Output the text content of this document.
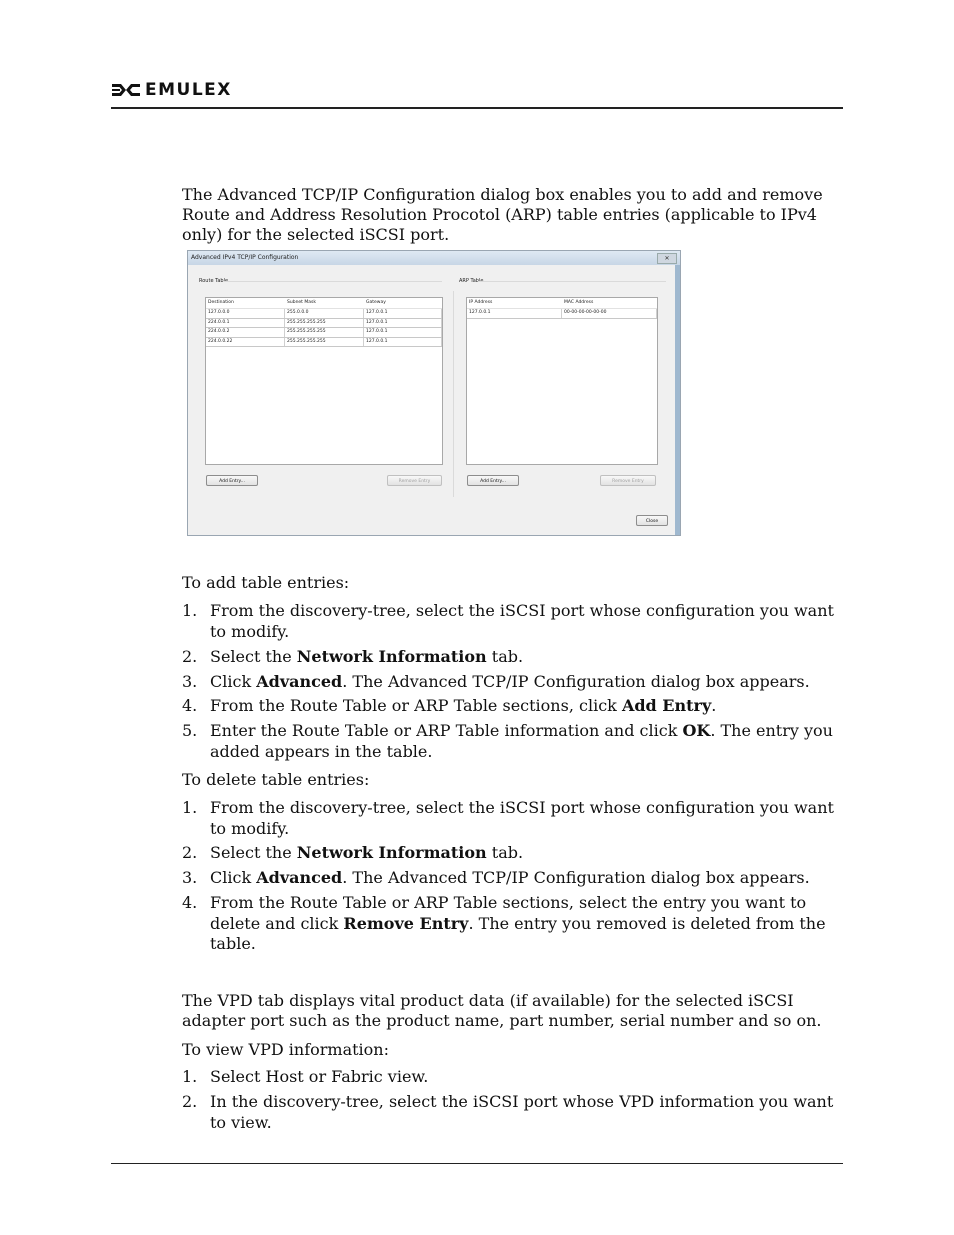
EMULEX

The Advanced TCP/IP Configuration dialog box enables you to add and remove Route and Address Resolution Procotol (ARP) table entries (applicable to IPv4 only) for the selected iSCSI port.

Advanced IPv4 TCP/IP Configuration	✕
Route Table
Destination	Subnet Mask	Gateway
127.0.0.0	255.0.0.0	127.0.0.1
224.0.0.1	255.255.255.255	127.0.0.1
224.0.0.2	255.255.255.255	127.0.0.1
224.0.0.22	255.255.255.255	127.0.0.1
Add Entry...	Remove Entry
ARP Table
IP Address	MAC Address
127.0.0.1	00-00-00-00-00-00
Add Entry...	Remove Entry
Close

To add table entries:

1. From the discovery-tree, select the iSCSI port whose configuration you want to modify.
2. Select the Network Information tab.
3. Click Advanced. The Advanced TCP/IP Configuration dialog box appears.
4. From the Route Table or ARP Table sections, click Add Entry.
5. Enter the Route Table or ARP Table information and click OK. The entry you added appears in the table.

To delete table entries:

1. From the discovery-tree, select the iSCSI port whose configuration you want to modify.
2. Select the Network Information tab.
3. Click Advanced. The Advanced TCP/IP Configuration dialog box appears.
4. From the Route Table or ARP Table sections, select the entry you want to delete and click Remove Entry. The entry you removed is deleted from the table.

The VPD tab displays vital product data (if available) for the selected iSCSI adapter port such as the product name, part number, serial number and so on.

To view VPD information:

1. Select Host or Fabric view.
2. In the discovery-tree, select the iSCSI port whose VPD information you want to view.
